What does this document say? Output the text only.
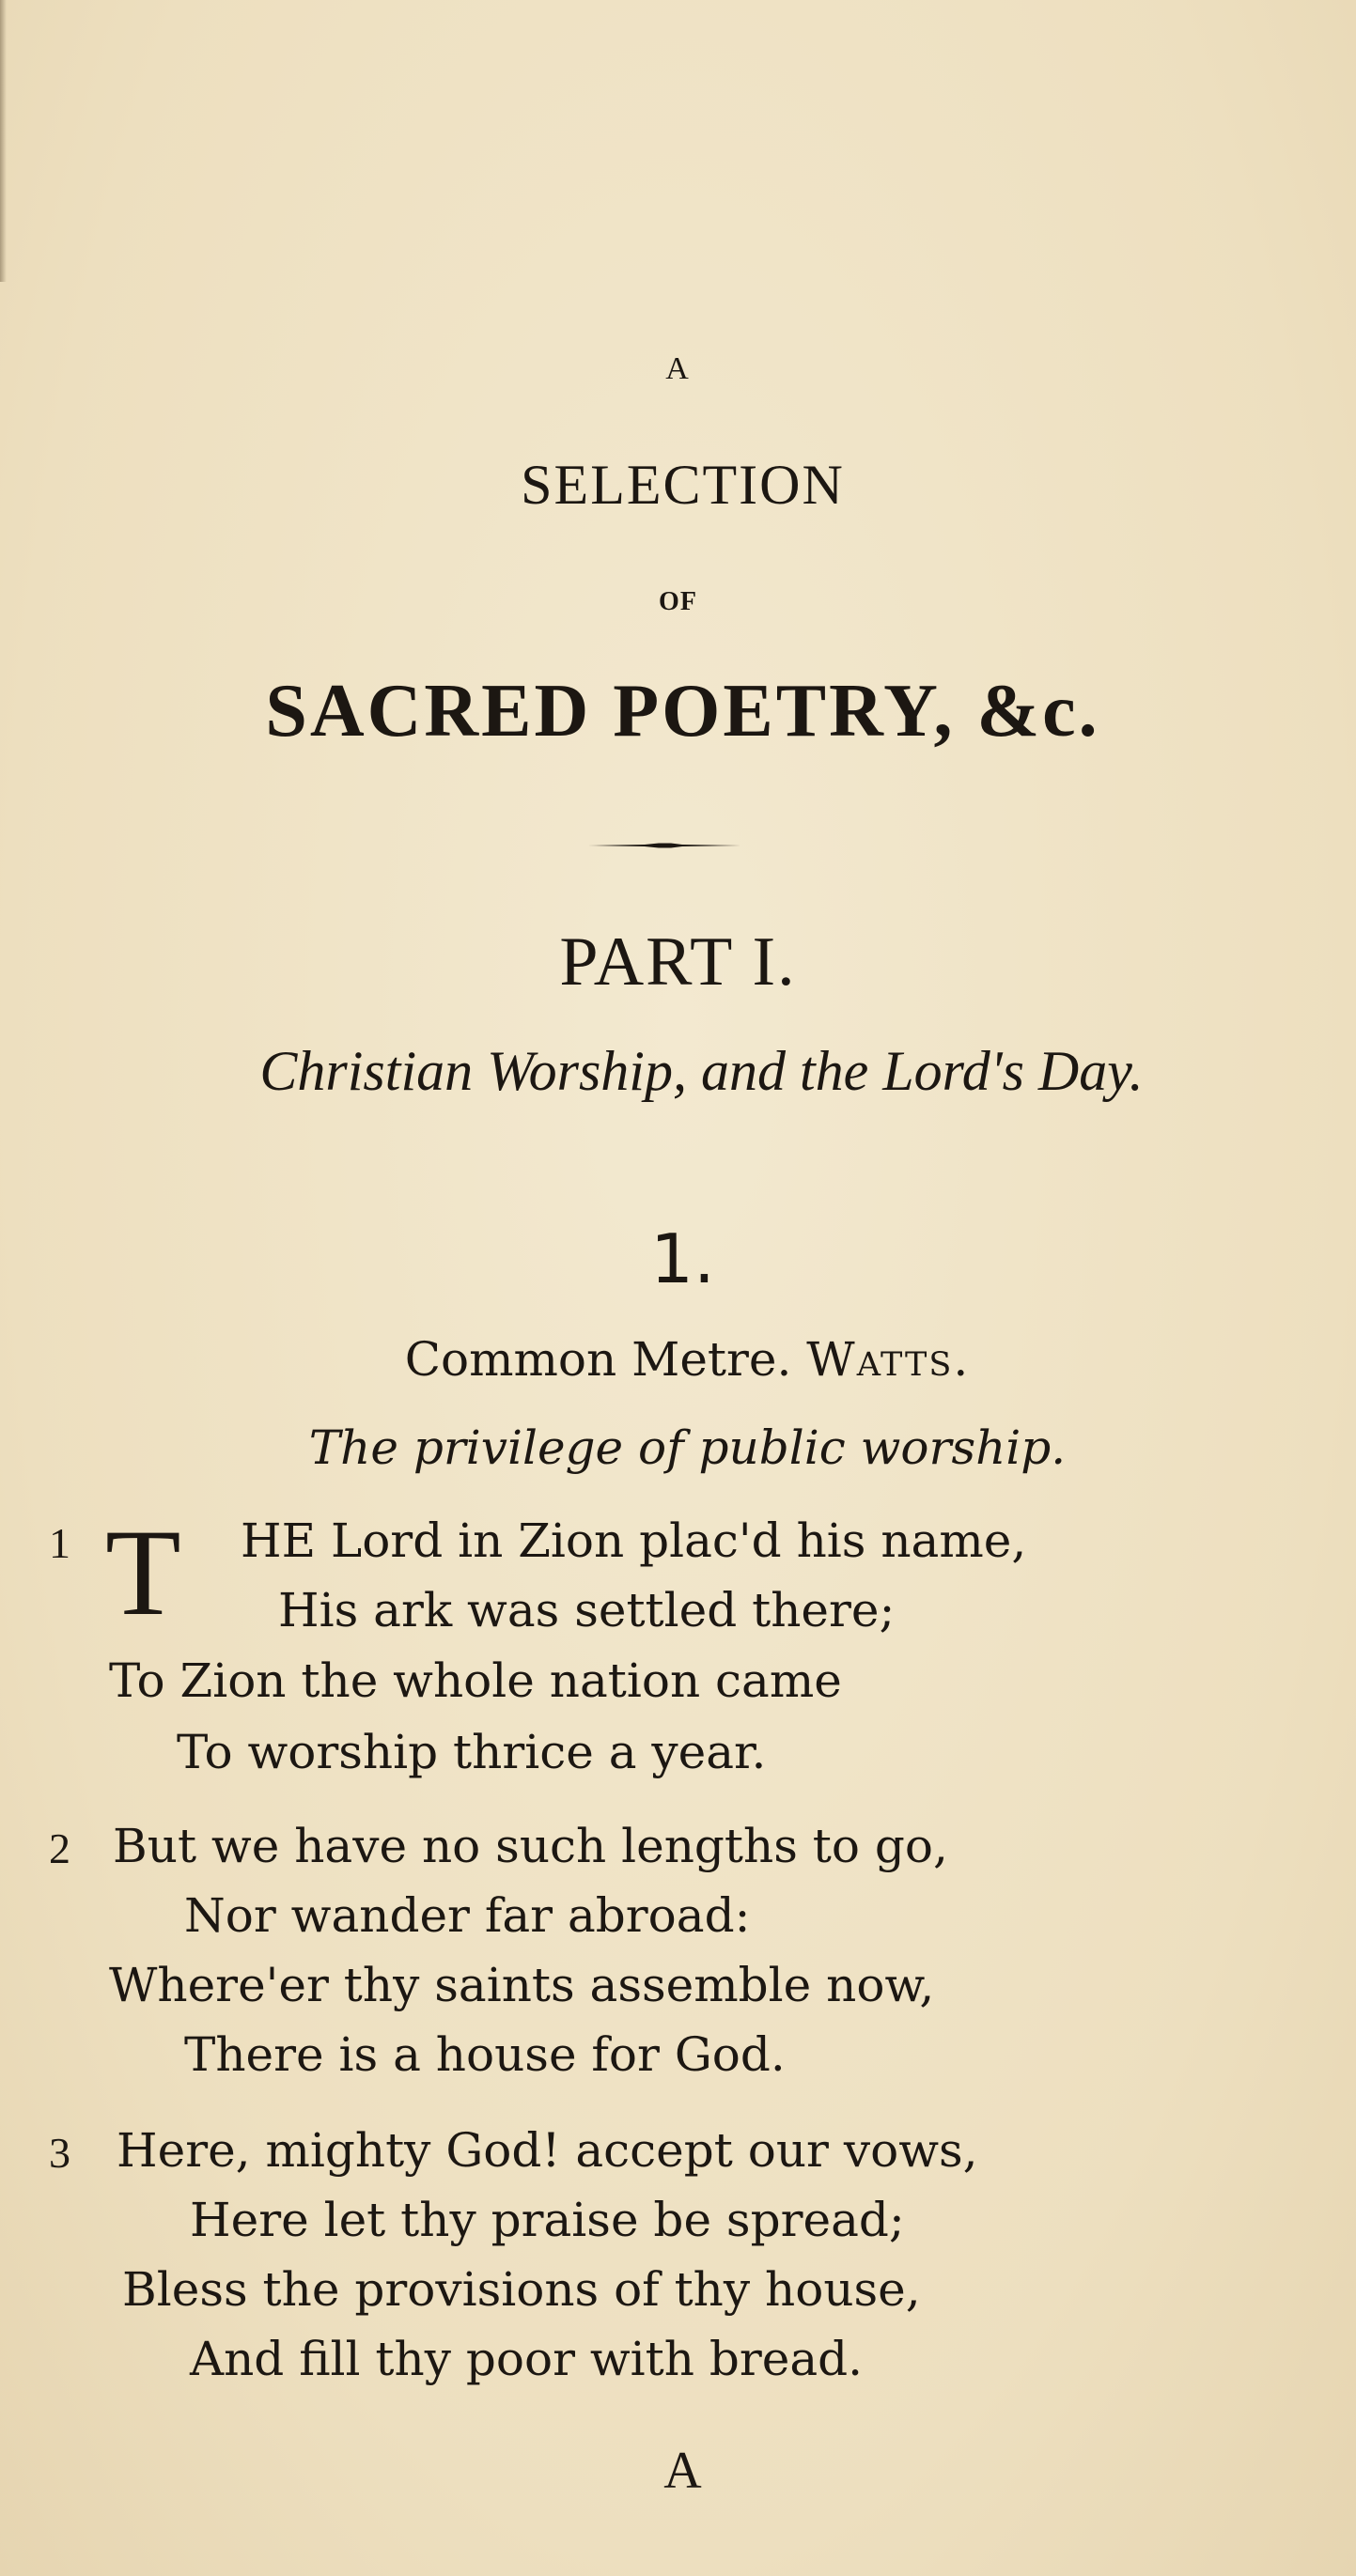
A
SELECTION
OF
SACRED POETRY, &c.
PART I.
Christian Worship, and the Lord's Day.
1.
Common Metre. Watts.
The privilege of public worship.
1 T HE Lord in Zion plac'd his name,
His ark was settled there;
To Zion the whole nation came
To worship thrice a year.
2 But we have no such lengths to go,
Nor wander far abroad:
Where'er thy saints assemble now,
There is a house for God.
3 Here, mighty God! accept our vows,
Here let thy praise be spread;
Bless the provisions of thy house,
And fill thy poor with bread.
A
